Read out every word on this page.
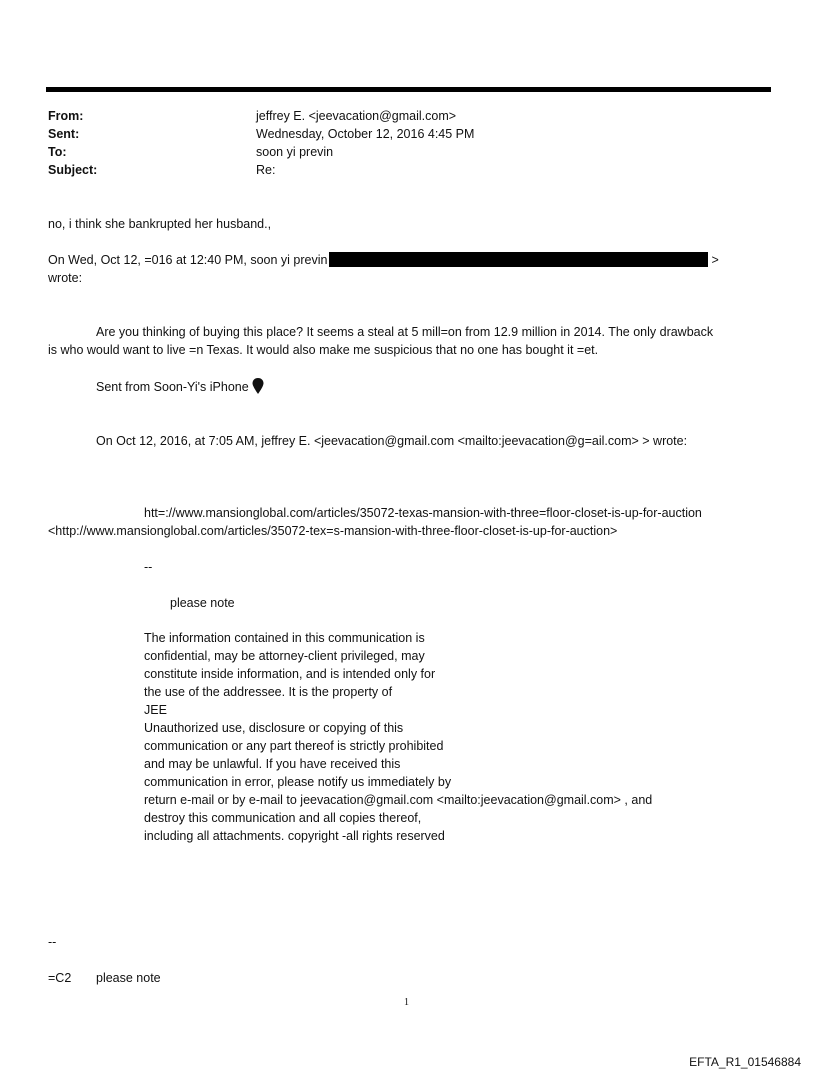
From:	jeffrey E. <jeevacation@gmail.com>
Sent:	Wednesday, October 12, 2016 4:45 PM
To:	soon yi previn
Subject:	Re:
no, i think she bankrupted her husband.,
On Wed, Oct 12, =016 at 12:40 PM, soon yi previn	>
wrote:
Are you thinking of buying this place? It seems a steal at 5 mill=on from 12.9 million in 2014. The only drawback
is who would want to live =n Texas. It would also make me suspicious that no one has bought it =et.
Sent from Soon-Yi's iPhone
On Oct 12, 2016, at 7:05 AM, jeffrey E. <jeevacation@gmail.com <mailto:jeevacation@g=ail.com> > wrote:
htt=://www.mansionglobal.com/articles/35072-texas-mansion-with-three=floor-closet-is-up-for-auction
<http://www.mansionglobal.com/articles/35072-tex=s-mansion-with-three-floor-closet-is-up-for-auction>
--
please note
The information contained in this communication is
confidential, may be attorney-client privileged, may
constitute inside information, and is intended only for
the use of the addressee. It is the property of
JEE
Unauthorized use, disclosure or copying of this
communication or any part thereof is strictly prohibited
and may be unlawful. If you have received this
communication in error, please notify us immediately by
return e-mail or by e-mail to jeevacation@gmail.com <mailto:jeevacation@gmail.com> , and
destroy this communication and all copies thereof,
including all attachments. copyright -all rights reserved
--
=C2 please note
1
EFTA_R1_01546884
